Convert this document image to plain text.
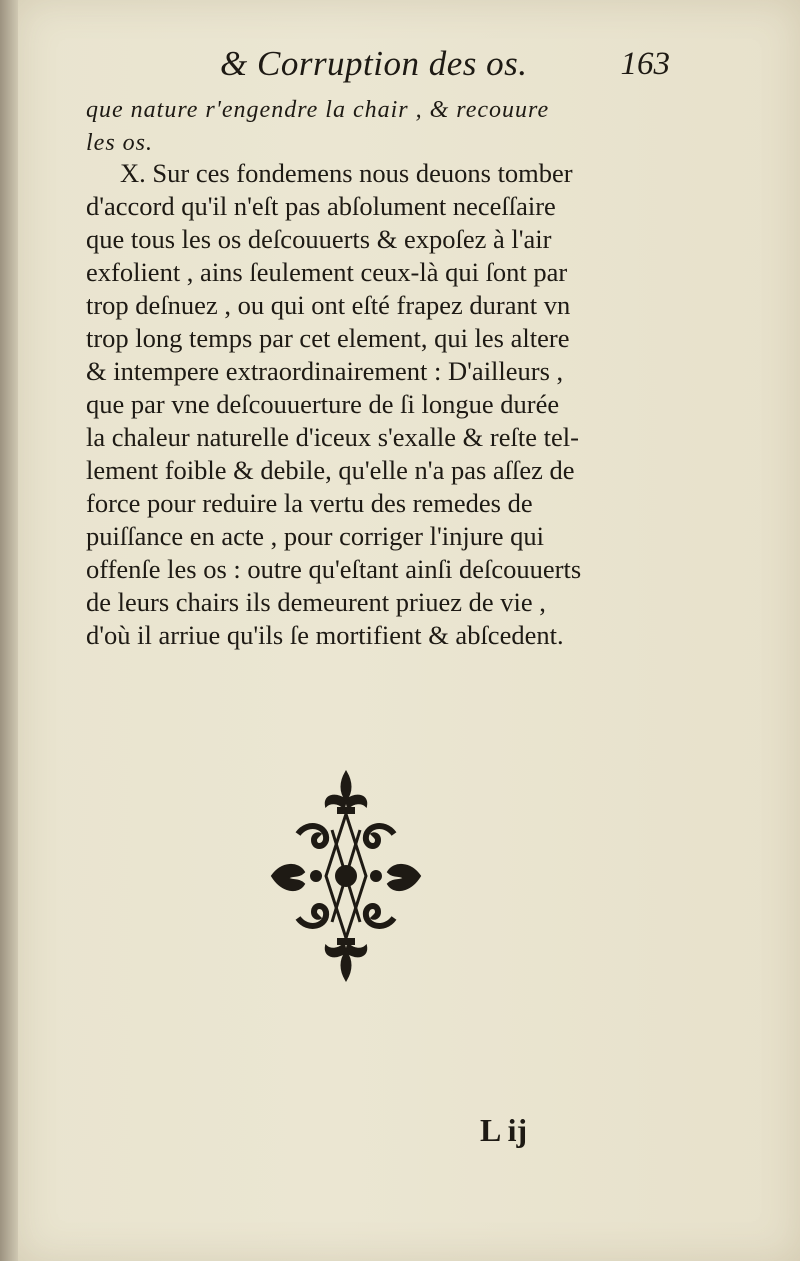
& Corruption des os.	163
que nature r'engendre la chair , & recouure
les os.
X. Sur ces fondemens nous deuons tomber
d'accord qu'il n'eſt pas abſolument neceſſaire
que tous les os deſcouuerts & expoſez à l'air
exfolient , ains ſeulement ceux-là qui ſont par
trop deſnuez , ou qui ont eſté frapez durant vn
trop long temps par cet element, qui les altere
& intempere extraordinairement : D'ailleurs ,
que par vne deſcouuerture de ſi longue durée
la chaleur naturelle d'iceux s'exalle & reſte tel-
lement foible & debile, qu'elle n'a pas aſſez de
force pour reduire la vertu des remedes de
puiſſance en acte , pour corriger l'injure qui
offenſe les os : outre qu'eſtant ainſi deſcouuerts
de leurs chairs ils demeurent priuez de vie ,
d'où il arriue qu'ils ſe mortifient & abſcedent.
L ij
